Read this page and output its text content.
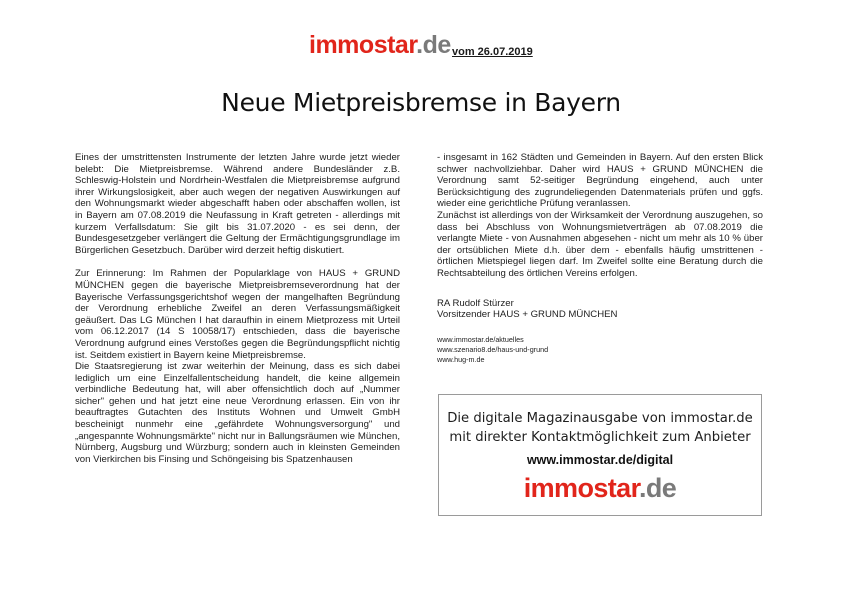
immostar.de vom 26.07.2019
Neue Mietpreisbremse in Bayern

Eines der umstrittensten Instrumente der letzten Jahre wurde jetzt wieder belebt: Die Mietpreisbremse. Während andere Bundesländer z.B. Schleswig-Holstein und Nordrhein-Westfalen die Mietpreisbremse aufgrund ihrer Wirkungslosigkeit, aber auch wegen der negativen Auswirkungen auf den Wohnungsmarkt wieder abgeschafft haben oder abschaffen wollen, ist in Bayern am 07.08.2019 die Neufassung in Kraft getreten - allerdings mit kurzem Verfallsdatum: Sie gilt bis 31.07.2020 - es sei denn, der Bundesgesetzgeber verlängert die Geltung der Ermächtigungsgrundlage im Bürgerlichen Gesetzbuch. Darüber wird derzeit heftig diskutiert.

Zur Erinnerung: Im Rahmen der Popularklage von HAUS + GRUND MÜNCHEN gegen die bayerische Mietpreisbremseverordnung hat der Bayerische Verfassungsgerichtshof wegen der mangelhaften Begründung der Verordnung erhebliche Zweifel an deren Verfassungsmäßigkeit geäußert. Das LG München I hat daraufhin in einem Mietprozess mit Urteil vom 06.12.2017 (14 S 10058/17) entschieden, dass die bayerische Verordnung aufgrund eines Verstoßes gegen die Begründungspflicht nichtig ist. Seitdem existiert in Bayern keine Mietpreisbremse.

Die Staatsregierung ist zwar weiterhin der Meinung, dass es sich dabei lediglich um eine Einzelfallentscheidung handelt, die keine allgemein verbindliche Bedeutung hat, will aber offensichtlich doch auf „Nummer sicher" gehen und hat jetzt eine neue Verordnung erlassen. Ein von ihr beauftragtes Gutachten des Instituts Wohnen und Umwelt GmbH bescheinigt nunmehr eine „gefährdete Wohnungsversorgung" und „angespannte Wohnungsmärkte" nicht nur in Ballungsräumen wie München, Nürnberg, Augsburg und Würzburg; sondern auch in kleinsten Gemeinden von Vierkirchen bis Finsing und Schöngeising bis Spatzenhausen

- insgesamt in 162 Städten und Gemeinden in Bayern. Auf den ersten Blick schwer nachvollziehbar. Daher wird HAUS + GRUND MÜNCHEN die Verordnung samt 52-seitiger Begründung eingehend, auch unter Berücksichtigung des zugrundeliegenden Datenmaterials prüfen und ggfs. wieder eine gerichtliche Prüfung veranlassen.

Zunächst ist allerdings von der Wirksamkeit der Verordnung auszugehen, so dass bei Abschluss von Wohnungsmietverträgen ab 07.08.2019 die verlangte Miete - von Ausnahmen abgesehen - nicht um mehr als 10 % über der ortsüblichen Miete d.h. über dem - ebenfalls häufig umstrittenen - örtlichen Mietspiegel liegen darf. Im Zweifel sollte eine Beratung durch die Rechtsabteilung des örtlichen Vereins erfolgen.

RA Rudolf Stürzer
Vorsitzender HAUS + GRUND MÜNCHEN
www.immostar.de/aktuelles
www.szenario8.de/haus-und-grund
www.hug-m.de
Die digitale Magazinausgabe von immostar.de
mit direkter Kontaktmöglichkeit zum Anbieter
www.immostar.de/digital
immostar.de
